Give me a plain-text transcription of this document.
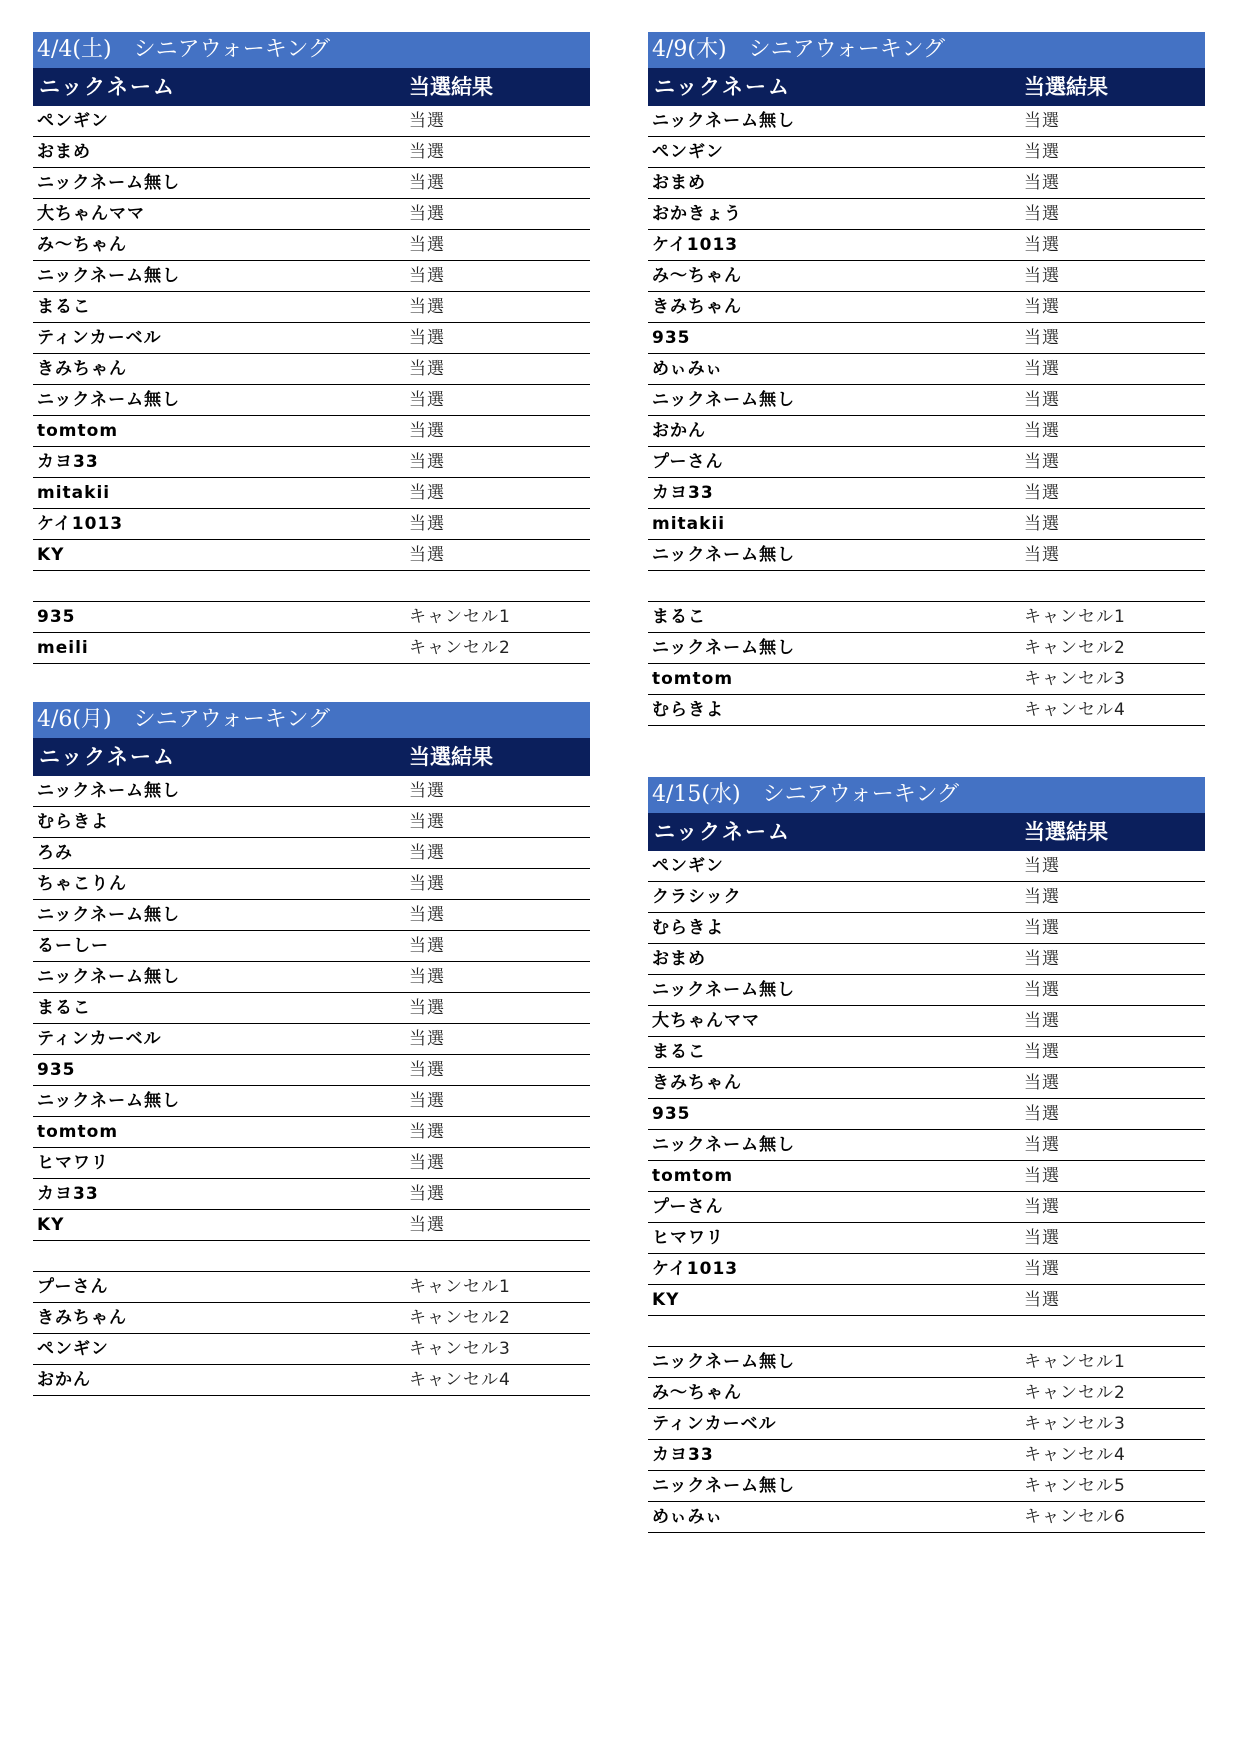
4/4(土)　シニアウォーキング
ニックネーム	当選結果
ペンギン	当選
おまめ	当選
ニックネーム無し	当選
大ちゃんママ	当選
み〜ちゃん	当選
ニックネーム無し	当選
まるこ	当選
ティンカーベル	当選
きみちゃん	当選
ニックネーム無し	当選
tomtom	当選
カヨ33	当選
mitakii	当選
ケイ1013	当選
KY	当選
935	キャンセル1
meili	キャンセル2
4/6(月)　シニアウォーキング
ニックネーム	当選結果
ニックネーム無し	当選
むらきよ	当選
ろみ	当選
ちゃこりん	当選
ニックネーム無し	当選
るーしー	当選
ニックネーム無し	当選
まるこ	当選
ティンカーベル	当選
935	当選
ニックネーム無し	当選
tomtom	当選
ヒマワリ	当選
カヨ33	当選
KY	当選
プーさん	キャンセル1
きみちゃん	キャンセル2
ペンギン	キャンセル3
おかん	キャンセル4
4/9(木)　シニアウォーキング
ニックネーム	当選結果
ニックネーム無し	当選
ペンギン	当選
おまめ	当選
おかきょう	当選
ケイ1013	当選
み〜ちゃん	当選
きみちゃん	当選
935	当選
めぃみぃ	当選
ニックネーム無し	当選
おかん	当選
プーさん	当選
カヨ33	当選
mitakii	当選
ニックネーム無し	当選
まるこ	キャンセル1
ニックネーム無し	キャンセル2
tomtom	キャンセル3
むらきよ	キャンセル4
4/15(水)　シニアウォーキング
ニックネーム	当選結果
ペンギン	当選
クラシック	当選
むらきよ	当選
おまめ	当選
ニックネーム無し	当選
大ちゃんママ	当選
まるこ	当選
きみちゃん	当選
935	当選
ニックネーム無し	当選
tomtom	当選
プーさん	当選
ヒマワリ	当選
ケイ1013	当選
KY	当選
ニックネーム無し	キャンセル1
み〜ちゃん	キャンセル2
ティンカーベル	キャンセル3
カヨ33	キャンセル4
ニックネーム無し	キャンセル5
めぃみぃ	キャンセル6
